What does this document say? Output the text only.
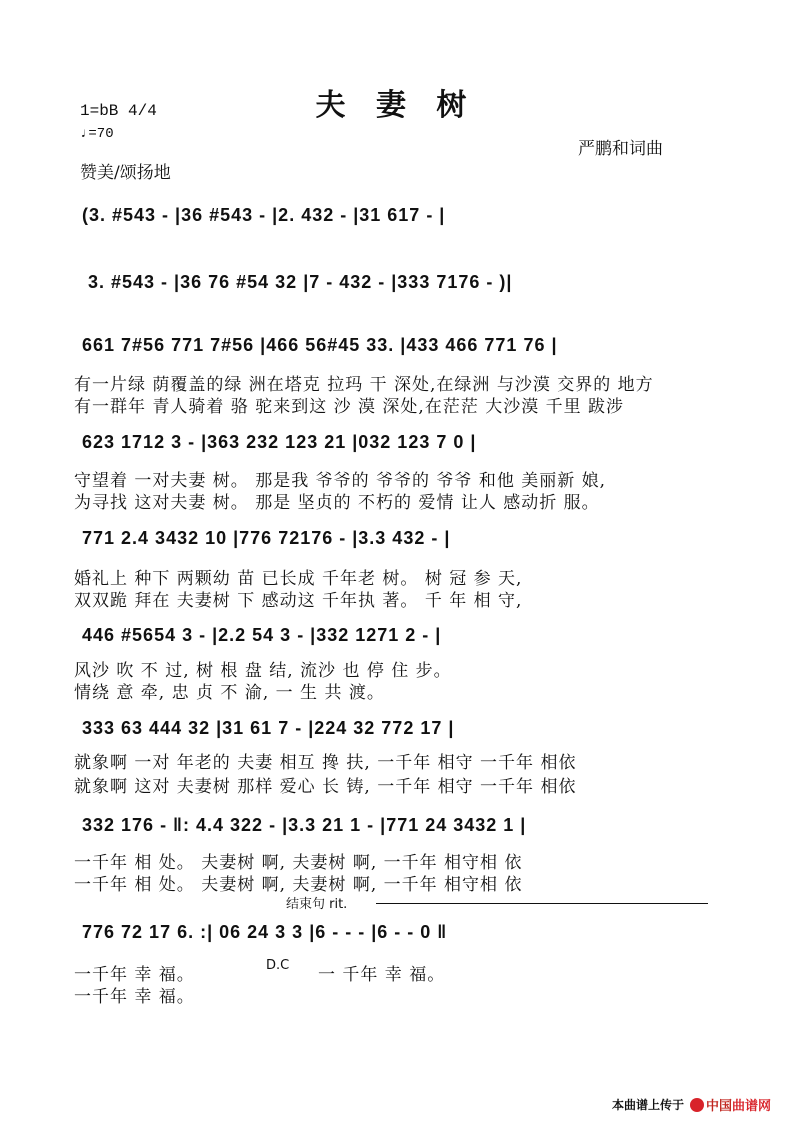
夫 妻 树
1=bB 4/4
♩=70
赞美/颂扬地
严鹏和词曲
(3. #543 - |36 #543 - |2. 432 - |31 617 - |
3. #543 - |36 76 #54 32 |7 - 432 - |333 7176 - )|
661 7#56 771 7#56 |466 56#45 33. |433 466 771 76 |
有一片绿 荫覆盖的绿 洲在塔克 拉玛 干 深处,在绿洲 与沙漠 交界的 地方
有一群年 青人骑着 骆 驼来到这 沙 漠 深处,在茫茫 大沙漠 千里 跋涉
623 1712 3 - |363 232 123 21 |032 123 7 0 |
守望着 一对夫妻 树。 那是我 爷爷的 爷爷的 爷爷 和他 美丽新 娘,
为寻找 这对夫妻 树。 那是 坚贞的 不朽的 爱情 让人 感动折 服。
771 2.4 3432 10 |776 72176 - |3.3 432 - |
婚礼上 种下 两颗幼 苗 已长成 千年老 树。 树 冠 参 天,
双双跪 拜在 夫妻树 下 感动这 千年执 著。 千 年 相 守,
446 #5654 3 - |2.2 54 3 - |332 1271 2 - |
风沙 吹 不 过, 树 根 盘 结, 流沙 也 停 住 步。
情绕 意 牵, 忠 贞 不 渝, 一 生 共 渡。
333 63 444 32 |31 61 7 - |224 32 772 17 |
就象啊 一对 年老的 夫妻 相互 搀 扶, 一千年 相守 一千年 相依
就象啊 这对 夫妻树 那样 爱心 长 铸, 一千年 相守 一千年 相依
332 176 - ‖: 4.4 322 - |3.3 21 1 - |771 24 3432 1 |
一千年 相 处。 夫妻树 啊, 夫妻树 啊, 一千年 相守相 依
一千年 相 处。 夫妻树 啊, 夫妻树 啊, 一千年 相守相 依
结束句 rit.
776 72 17 6. :| 06 24 3 3 |6 - - - |6 - - 0 ‖
一千年 幸 福。	D.C 一 千年 幸 福。
一千年 幸 福。
本曲谱上传于	中国曲谱网
